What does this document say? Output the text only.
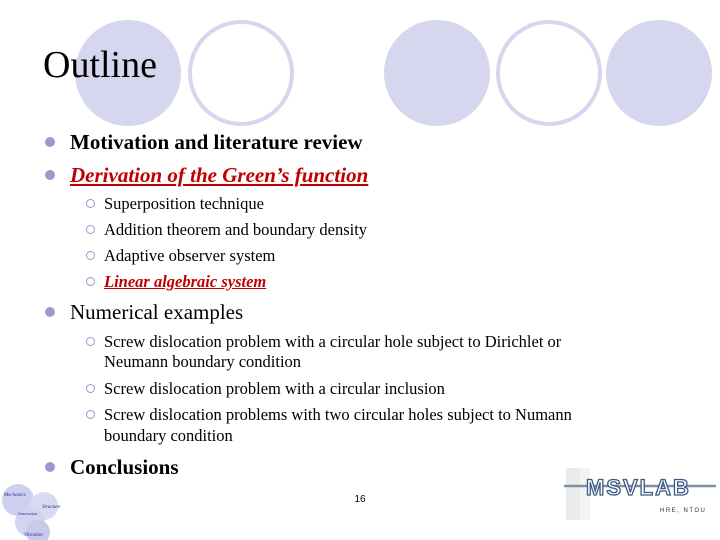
Outline
Motivation and literature review
Derivation of the Green’s function
Superposition technique
Addition theorem and boundary density
Adaptive observer system
Linear algebraic system
Numerical examples
Screw dislocation problem with a circular hole subject to Dirichlet or
Neumann boundary condition
Screw dislocation problem with a circular inclusion
Screw dislocation problems with two circular holes subject to Numann
boundary condition
Conclusions
16
Mechanics
Structure
Innovation
Vibration
MSVLAB
HRE, NTOU
